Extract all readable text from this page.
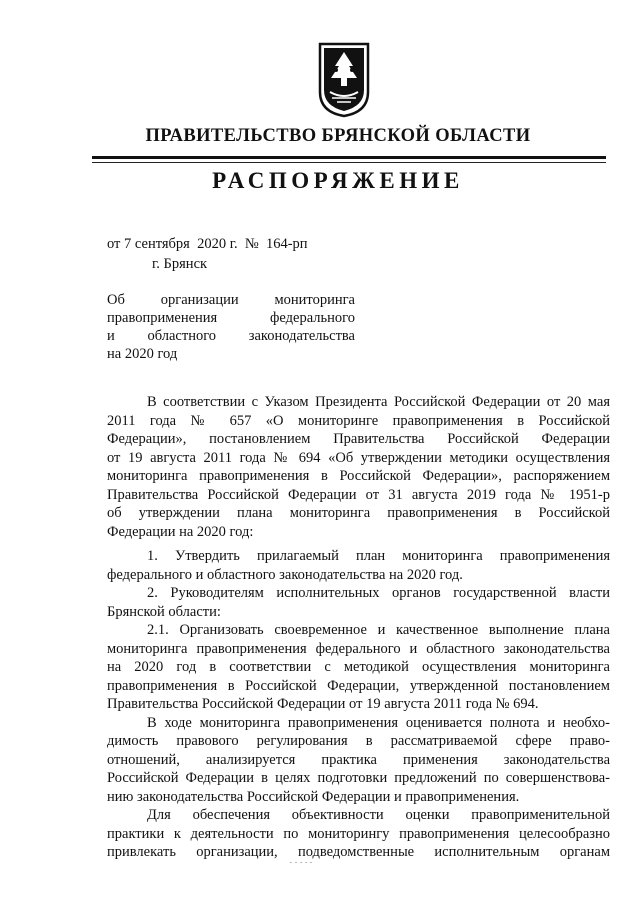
ПРАВИТЕЛЬСТВО БРЯНСКОЙ ОБЛАСТИ
РАСПОРЯЖЕНИЕ
от 7 сентября  2020 г.  №  164-рп
г. Брянск
Об организации мониторинга
правоприменения федерального
и областного законодательства
на 2020 год
В соответствии с Указом Президента Российской Федерации от 20 мая
2011 года № 657 «О мониторинге правоприменения в Российской
Федерации», постановлением Правительства Российской Федерации
от 19 августа 2011 года № 694 «Об утверждении методики осуществления
мониторинга правоприменения в Российской Федерации», распоряжением
Правительства Российской Федерации от 31 августа 2019 года № 1951-р
об утверждении плана мониторинга правоприменения в Российской
Федерации на 2020 год:
1. Утвердить прилагаемый план мониторинга правоприменения
федерального и областного законодательства на 2020 год.
2. Руководителям исполнительных органов государственной власти
Брянской области:
2.1. Организовать своевременное и качественное выполнение плана
мониторинга правоприменения федерального и областного законодательства
на 2020 год в соответствии с методикой осуществления мониторинга
правоприменения в Российской Федерации, утвержденной постановлением
Правительства Российской Федерации от 19 августа 2011 года № 694.
В ходе мониторинга правоприменения оценивается полнота и необхо-
димость правового регулирования в рассматриваемой сфере право-
отношений, анализируется практика применения законодательства
Российской Федерации в целях подготовки предложений по совершенствова-
нию законодательства Российской Федерации и правоприменения.
Для обеспечения объективности оценки правоприменительной
практики к деятельности по мониторингу правоприменения целесообразно
привлекать организации, подведомственные исполнительным органам
